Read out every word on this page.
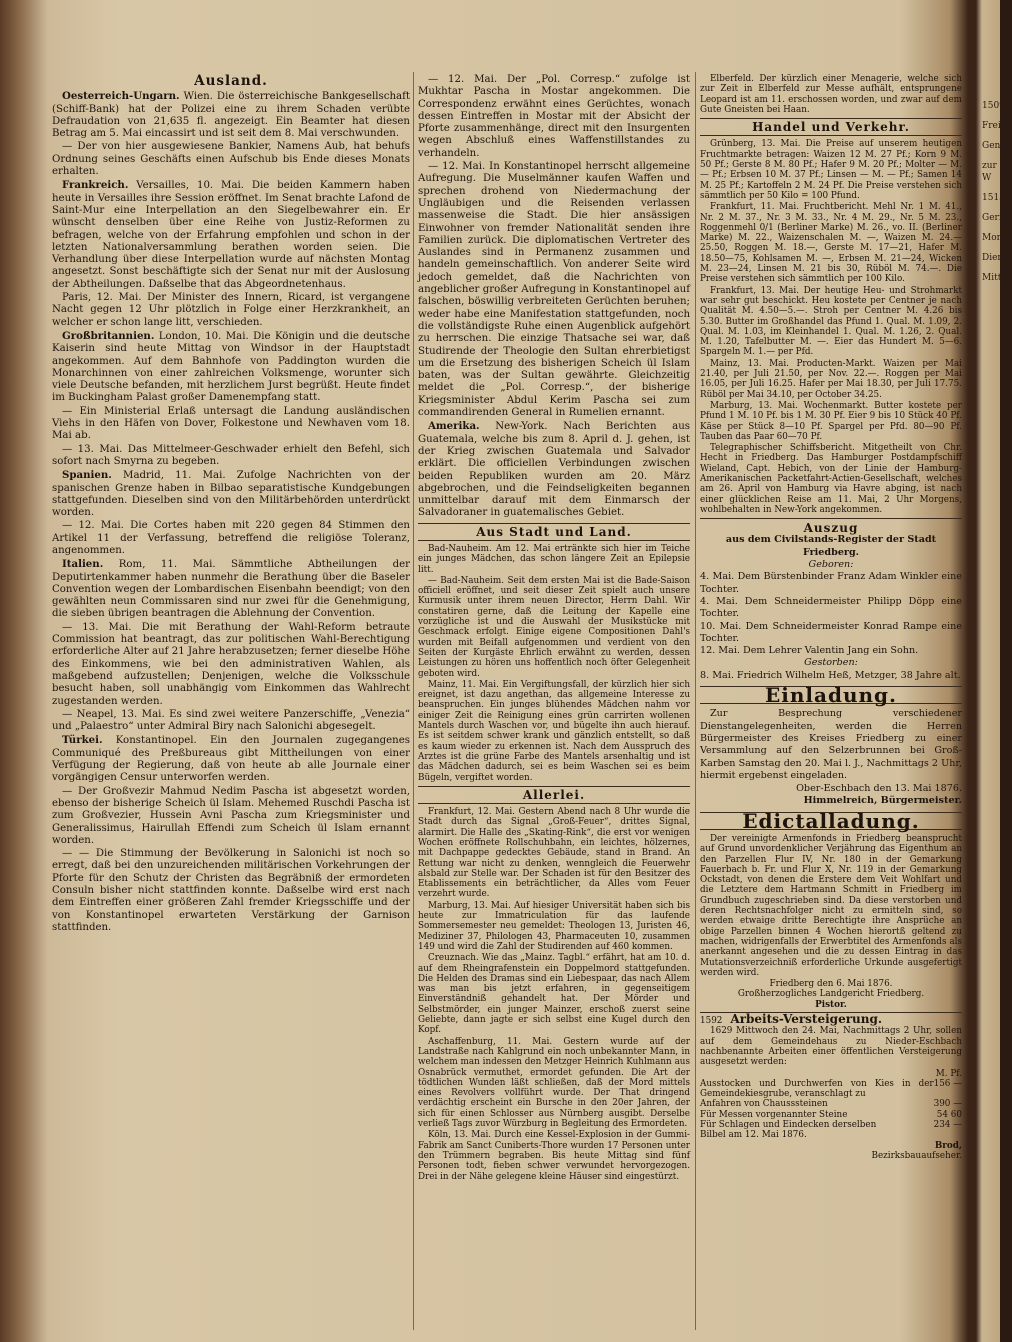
Ausland.

Oesterreich-Ungarn. Wien. Die österreichische Bankgesellschaft (Schiff-Bank) hat der Polizei eine zu ihrem Schaden verübte Defraudation von 21,635 fl. angezeigt. Ein Beamter hat diesen Betrag am 5. Mai eincassirt und ist seit dem 8. Mai verschwunden.

— Der von hier ausgewiesene Bankier, Namens Aub, hat behufs Ordnung seines Geschäfts einen Aufschub bis Ende dieses Monats erhalten.

Frankreich. Versailles, 10. Mai. Die beiden Kammern haben heute in Versailles ihre Session eröffnet. Im Senat brachte Lafond de Saint-Mur eine Interpellation an den Siegelbewahrer ein. Er wünscht denselben über eine Reihe von Justiz-Reformen zu befragen, welche von der Erfahrung empfohlen und schon in der letzten Nationalversammlung berathen worden seien. Die Verhandlung über diese Interpellation wurde auf nächsten Montag angesetzt. Sonst beschäftigte sich der Senat nur mit der Auslosung der Abtheilungen. Daßselbe that das Abgeordnetenhaus.

Paris, 12. Mai. Der Minister des Innern, Ricard, ist vergangene Nacht gegen 12 Uhr plötzlich in Folge einer Herzkrankheit, an welcher er schon lange litt, verschieden.

Großbritannien. London, 10. Mai. Die Königin und die deutsche Kaiserin sind heute Mittag von Windsor in der Hauptstadt angekommen. Auf dem Bahnhofe von Paddington wurden die Monarchinnen von einer zahlreichen Volksmenge, worunter sich viele Deutsche befanden, mit herzlichem Jurst begrüßt. Heute findet im Buckingham Palast großer Damenempfang statt.

— Ein Ministerial Erlaß untersagt die Landung ausländischen Viehs in den Häfen von Dover, Folkestone und Newhaven vom 18. Mai ab.

— 13. Mai. Das Mittelmeer-Geschwader erhielt den Befehl, sich sofort nach Smyrna zu begeben.

Spanien. Madrid, 11. Mai. Zufolge Nachrichten von der spanischen Grenze haben in Bilbao separatistische Kundgebungen stattgefunden. Dieselben sind von den Militärbehörden unterdrückt worden.

— 12. Mai. Die Cortes haben mit 220 gegen 84 Stimmen den Artikel 11 der Verfassung, betreffend die religiöse Toleranz, angenommen.

Italien. Rom, 11. Mai. Sämmtliche Abtheilungen der Deputirtenkammer haben nunmehr die Berathung über die Baseler Convention wegen der Lombardischen Eisenbahn beendigt; von den gewählten neun Commissaren sind nur zwei für die Genehmigung, die sieben übrigen beantragen die Ablehnung der Convention.

— 13. Mai. Die mit Berathung der Wahl-Reform betraute Commission hat beantragt, das zur politischen Wahl-Berechtigung erforderliche Alter auf 21 Jahre herabzusetzen; ferner dieselbe Höhe des Einkommens, wie bei den administrativen Wahlen, als maßgebend aufzustellen; Denjenigen, welche die Volksschule besucht haben, soll unabhängig vom Einkommen das Wahlrecht zugestanden werden.

— Neapel, 13. Mai. Es sind zwei weitere Panzerschiffe, „Venezia“ und „Palaestro“ unter Admiral Biry nach Salonichi abgesegelt.

Türkei. Konstantinopel. Ein den Journalen zugegangenes Communiqué des Preßbureaus gibt Mittheilungen von einer Verfügung der Regierung, daß von heute ab alle Journale einer vorgängigen Censur unterworfen werden.

— Der Großvezir Mahmud Nedim Pascha ist abgesetzt worden, ebenso der bisherige Scheich ül Islam. Mehemed Ruschdi Pascha ist zum Großvezier, Hussein Avni Pascha zum Kriegsminister und Generalissimus, Hairullah Effendi zum Scheich ül Islam ernannt worden.

— — Die Stimmung der Bevölkerung in Salonichi ist noch so erregt, daß bei den unzureichenden militärischen Vorkehrungen der Pforte für den Schutz der Christen das Begräbniß der ermordeten Consuln bisher nicht stattfinden konnte. Daßselbe wird erst nach dem Eintreffen einer größeren Zahl fremder Kriegsschiffe und der von Konstantinopel erwarteten Verstärkung der Garnison stattfinden.

— 12. Mai. Der „Pol. Corresp.“ zufolge ist Mukhtar Pascha in Mostar angekommen. Die Correspondenz erwähnt eines Gerüchtes, wonach dessen Eintreffen in Mostar mit der Absicht der Pforte zusammenhänge, direct mit den Insurgenten wegen Abschluß eines Waffenstillstandes zu verhandeln.

— 12. Mai. In Konstantinopel herrscht allgemeine Aufregung. Die Muselmänner kaufen Waffen und sprechen drohend von Niedermachung der Ungläubigen und die Reisenden verlassen massenweise die Stadt. Die hier ansässigen Einwohner von fremder Nationalität senden ihre Familien zurück. Die diplomatischen Vertreter des Auslandes sind in Permanenz zusammen und handeln gemeinschaftlich. Von anderer Seite wird jedoch gemeldet, daß die Nachrichten von angeblicher großer Aufregung in Konstantinopel auf falschen, böswillig verbreiteten Gerüchten beruhen; weder habe eine Manifestation stattgefunden, noch die vollständigste Ruhe einen Augenblick aufgehört zu herrschen. Die einzige Thatsache sei war, daß Studirende der Theologie den Sultan ehrerbietigst um die Ersetzung des bisherigen Scheich ül Islam baten, was der Sultan gewährte. Gleichzeitig meldet die „Pol. Corresp.“, der bisherige Kriegsminister Abdul Kerim Pascha sei zum commandirenden General in Rumelien ernannt.

Amerika. New-York. Nach Berichten aus Guatemala, welche bis zum 8. April d. J. gehen, ist der Krieg zwischen Guatemala und Salvador erklärt. Die officiellen Verbindungen zwischen beiden Republiken wurden am 20. März abgebrochen, und die Feindseligkeiten begannen unmittelbar darauf mit dem Einmarsch der Salvadoraner in guatemalisches Gebiet.

Aus Stadt und Land.

Bad-Nauheim. Am 12. Mai ertränkte sich hier im Teiche ein junges Mädchen, das schon längere Zeit an Epilepsie litt.

— Bad-Nauheim. Seit dem ersten Mai ist die Bade-Saison officiell eröffnet, und seit dieser Zeit spielt auch unsere Kurmusik unter ihrem neuen Director, Herrn Dahl. Wir constatiren gerne, daß die Leitung der Kapelle eine vorzügliche ist und die Auswahl der Musikstücke mit Geschmack erfolgt. Einige eigene Compositionen Dahl's wurden mit Beifall aufgenommen und verdient von den Seiten der Kurgäste Ehrlich erwähnt zu werden, dessen Leistungen zu hören uns hoffentlich noch öfter Gelegenheit geboten wird.

Mainz, 11. Mai. Ein Vergiftungsfall, der kürzlich hier sich ereignet, ist dazu angethan, das allgemeine Interesse zu beanspruchen. Ein junges blühendes Mädchen nahm vor einiger Zeit die Reinigung eines grün carrirten wollenen Mantels durch Waschen vor, und bügelte ihn auch hierauf. Es ist seitdem schwer krank und gänzlich entstellt, so daß es kaum wieder zu erkennen ist. Nach dem Ausspruch des Arztes ist die grüne Farbe des Mantels arsenhaltig und ist das Mädchen dadurch, sei es beim Waschen sei es beim Bügeln, vergiftet worden.

Allerlei.

Frankfurt, 12. Mai. Gestern Abend nach 8 Uhr wurde die Stadt durch das Signal „Groß-Feuer“, drittes Signal, alarmirt. Die Halle des „Skating-Rink“, die erst vor wenigen Wochen eröffnete Rollschuhbahn, ein leichtes, hölzernes, mit Dachpappe gedecktes Gebäude, stand in Brand. An Rettung war nicht zu denken, wenngleich die Feuerwehr alsbald zur Stelle war. Der Schaden ist für den Besitzer des Etablissements ein beträchtlicher, da Alles vom Feuer verzehrt wurde.

Marburg, 13. Mai. Auf hiesiger Universität haben sich bis heute zur Immatriculation für das laufende Sommersemester neu gemeldet: Theologen 13, Juristen 46, Mediziner 37, Philologen 43, Pharmaceuten 10, zusammen 149 und wird die Zahl der Studirenden auf 460 kommen.

Creuznach. Wie das „Mainz. Tagbl.“ erfährt, hat am 10. d. auf dem Rheingrafenstein ein Doppelmord stattgefunden. Die Helden des Dramas sind ein Liebespaar, das nach Allem was man bis jetzt erfahren, in gegenseitigem Einverständniß gehandelt hat. Der Mörder und Selbstmörder, ein junger Mainzer, erschoß zuerst seine Geliebte, dann jagte er sich selbst eine Kugel durch den Kopf.

Aschaffenburg, 11. Mai. Gestern wurde auf der Landstraße nach Kahlgrund ein noch unbekannter Mann, in welchem man indessen den Metzger Heinrich Kuhlmann aus Osnabrück vermuthet, ermordet gefunden. Die Art der tödtlichen Wunden läßt schließen, daß der Mord mittels eines Revolvers vollführt wurde. Der That dringend verdächtig erscheint ein Bursche in den 20er Jahren, der sich für einen Schlosser aus Nürnberg ausgibt. Derselbe verließ Tags zuvor Würzburg in Begleitung des Ermordeten.

Köln, 13. Mai. Durch eine Kessel-Explosion in der Gummi-Fabrik am Sanct Cuniberts-Thore wurden 17 Personen unter den Trümmern begraben. Bis heute Mittag sind fünf Personen todt, fieben schwer verwundet hervorgezogen. Drei in der Nähe gelegene kleine Häuser sind eingestürzt.

Elberfeld. Der kürzlich einer Menagerie, welche sich zur Zeit in Elberfeld zur Messe aufhält, entsprungene Leopard ist am 11. erschossen worden, und zwar auf dem Gute Gneisten bei Haan.

Handel und Verkehr.

Grünberg, 13. Mai. Die Preise auf unserem heutigen Fruchtmarkte betragen: Waizen 12 M. 27 Pf.; Korn 9 M. 50 Pf.; Gerste 8 M. 80 Pf.; Hafer 9 M. 20 Pf.; Molter — M. — Pf.; Erbsen 10 M. 37 Pf.; Linsen — M. — Pf.; Samen 14 M. 25 Pf.; Kartoffeln 2 M. 24 Pf. Die Preise verstehen sich sämmtlich per 50 Kilo = 100 Pfund.

Frankfurt, 11. Mai. Fruchtbericht. Mehl Nr. 1 M. 41., Nr. 2 M. 37., Nr. 3 M. 33., Nr. 4 M. 29., Nr. 5 M. 23., Roggenmehl 0/1 (Berliner Marke) M. 26., vo. II. (Berliner Marke) M. 22., Waizenschalen M. —, Waizen M. 24.—25.50, Roggen M. 18.—, Gerste M. 17—21, Hafer M. 18.50—75, Kohlsamen M. —, Erbsen M. 21—24, Wicken M. 23—24, Linsen M. 21 bis 30, Rüböl M. 74.—. Die Preise verstehen sich sämmtlich per 100 Kilo.

Frankfurt, 13. Mai. Der heutige Heu- und Strohmarkt war sehr gut beschickt. Heu kostete per Centner je nach Qualität M. 4.50—5.—. Stroh per Centner M. 4.26 bis 5.30. Butter im Großhandel das Pfund 1. Qual. M. 1.09, 2. Qual. M. 1.03, im Kleinhandel 1. Qual. M. 1.26, 2. Qual. M. 1.20, Tafelbutter M. —. Eier das Hundert M. 5—6. Spargeln M. 1.— per Pfd.

Mainz, 13. Mai. Producten-Markt. Waizen per Mai 21.40, per Juli 21.50, per Nov. 22.—. Roggen per Mai 16.05, per Juli 16.25. Hafer per Mai 18.30, per Juli 17.75. Rüböl per Mai 34.10, per October 34.25.

Marburg, 13. Mai. Wochenmarkt. Butter kostete per Pfund 1 M. 10 Pf. bis 1 M. 30 Pf. Eier 9 bis 10 Stück 40 Pf. Käse per Stück 8—10 Pf. Spargel per Pfd. 80—90 Pf. Tauben das Paar 60—70 Pf.

Telegraphischer Schiffsbericht. Mitgetheilt von Chr. Hecht in Friedberg. Das Hamburger Postdampfschiff Wieland, Capt. Hebich, von der Linie der Hamburg-Amerikanischen Packetfahrt-Actien-Gesellschaft, welches am 26. April von Hamburg via Havre abging, ist nach einer glücklichen Reise am 11. Mai, 2 Uhr Morgens, wohlbehalten in New-York angekommen.

Auszug
aus dem Civilstands-Register der Stadt Friedberg.
Geboren:
4. Mai. Dem Bürstenbinder Franz Adam Winkler eine Tochter.
4. Mai. Dem Schneidermeister Philipp Döpp eine Tochter.
10. Mai. Dem Schneidermeister Konrad Rampe eine Tochter.
12. Mai. Dem Lehrer Valentin Jang ein Sohn.
Gestorben:
8. Mai. Friedrich Wilhelm Heß, Metzger, 38 Jahre alt.
Einladung.

Zur Besprechung verschiedener Dienstangelegenheiten, werden die Herren Bürgermeister des Kreises Friedberg zu einer Versammlung auf den Selzerbrunnen bei Groß-Karben Samstag den 20. Mai l. J., Nachmittags 2 Uhr, hiermit ergebenst eingeladen.

Ober-Eschbach den 13. Mai 1876.
Himmelreich, Bürgermeister.
Edictalladung.

Der vereinigte Armenfonds in Friedberg beansprucht auf Grund unvordenklicher Verjährung das Eigenthum an den Parzellen Flur IV, Nr. 180 in der Gemarkung Fauerbach b. Fr. und Flur X, Nr. 119 in der Gemarkung Ockstadt, von denen die Erstere dem Veit Wohlfart und die Letztere dem Hartmann Schmitt in Friedberg im Grundbuch zugeschrieben sind. Da diese verstorben und deren Rechtsnachfolger nicht zu ermitteln sind, so werden etwaige dritte Berechtigte ihre Ansprüche an obige Parzellen binnen 4 Wochen hierortß geltend zu machen, widrigenfalls der Erwerbtitel des Armenfonds als anerkannt angesehen und die zu dessen Eintrag in das Mutationsverzeichniß erforderliche Urkunde ausgefertigt werden wird.

Friedberg den 6. Mai 1876.
Großherzogliches Landgericht Friedberg.
Pistor.
1592 Arbeits-Versteigerung.

1629 Mittwoch den 24. Mai, Nachmittags 2 Uhr, sollen auf dem Gemeindehaus zu Nieder-Eschbach nachbenannte Arbeiten einer öffentlichen Versteigerung ausgesetzt werden:

M. Pf.
Ausstocken und Durchwerfen von Kies in der Gemeindekiesgrube, veranschlagt zu
156 —
Anfahren von Chausssteinen	390 —
Für Messen vorgenannter Steine	54 60
Für Schlagen und Eindecken derselben	234 —
Bilbel am 12. Mai 1876.
Brod,
Bezirksbauaufseher.
1509
Freit
Genim
zur W
1513
Geri
Mont
Dien
Mitt
